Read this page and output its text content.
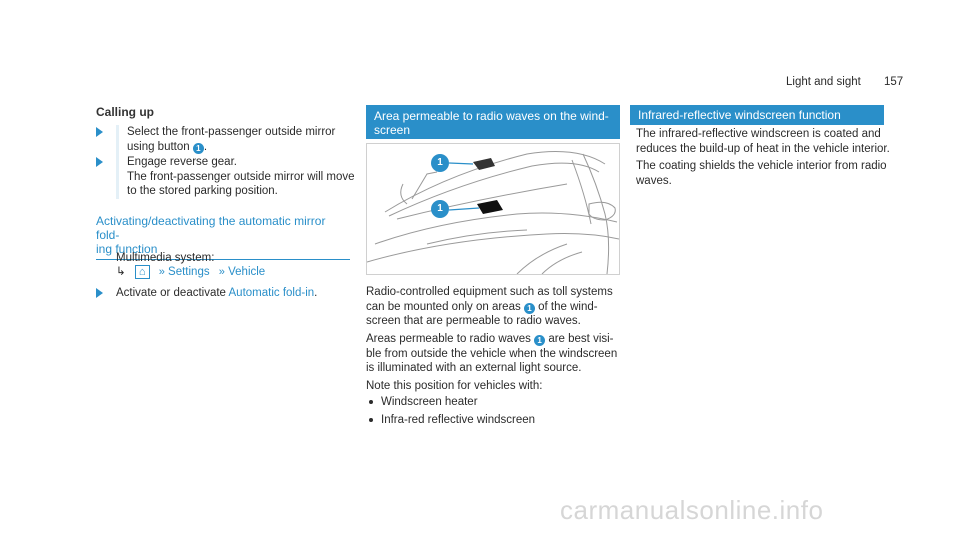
Light and sight 157
Calling up

Select the front-passenger outside mirror

using button 1 .

Engage reverse gear.

The front-passenger outside mirror will move

to the stored parking position.

Activating/deactivating the automatic mirror fold-
ing function

Multimedia system:

↳ ⌂ » Settings » Vehicle

Activate or deactivate Automatic fold-in.

Area permeable to radio waves on the wind-
screen
1
1

Radio-controlled equipment such as toll systems

can be mounted only on areas 1 of the wind-

screen that are permeable to radio waves.

Areas permeable to radio waves 1 are best visi-

ble from outside the vehicle when the windscreen

is illuminated with an external light source.

Note this position for vehicles with:

Windscreen heater

Infra-red reflective windscreen

Infrared-reflective windscreen function

The infrared-reflective windscreen is coated and

reduces the build-up of heat in the vehicle interior.

The coating shields the vehicle interior from radio

waves.

carmanualsonline.info
